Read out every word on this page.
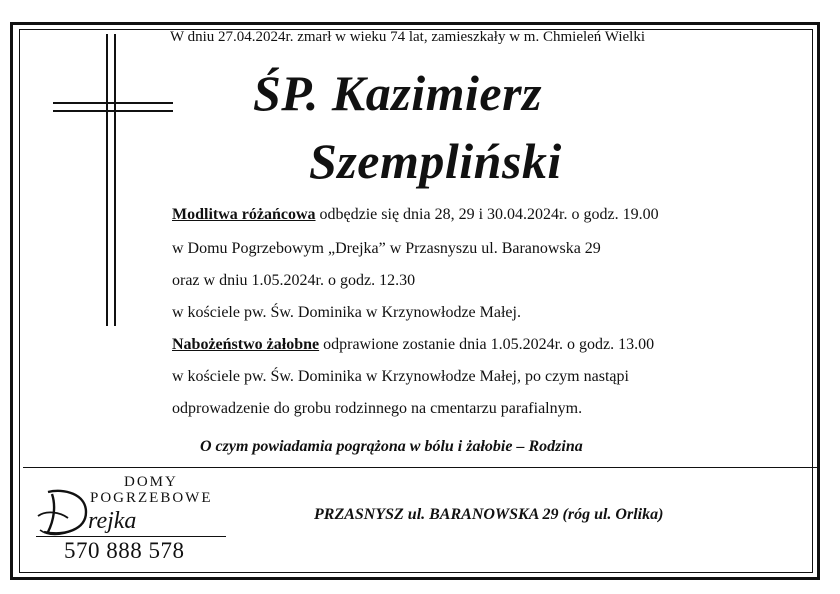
W dniu 27.04.2024r. zmarł w wieku 74 lat, zamieszkały w m. Chmieleń Wielki
ŚP. Kazimierz
Szempliński
Modlitwa różańcowa odbędzie się dnia 28, 29 i 30.04.2024r. o godz. 19.00
w Domu Pogrzebowym „Drejka” w Przasnyszu ul. Baranowska 29
oraz w dniu 1.05.2024r. o godz. 12.30
w kościele pw. Św. Dominika w Krzynowłodze Małej.
Nabożeństwo żałobne odprawione zostanie dnia 1.05.2024r. o godz. 13.00
w kościele pw. Św. Dominika w Krzynowłodze Małej, po czym nastąpi
odprowadzenie do grobu rodzinnego na cmentarzu parafialnym.
O czym powiadamia pogrążona w bólu i żałobie – Rodzina
DOMY
POGRZEBOWE
rejka
570 888 578
PRZASNYSZ ul. BARANOWSKA 29 (róg ul. Orlika)
